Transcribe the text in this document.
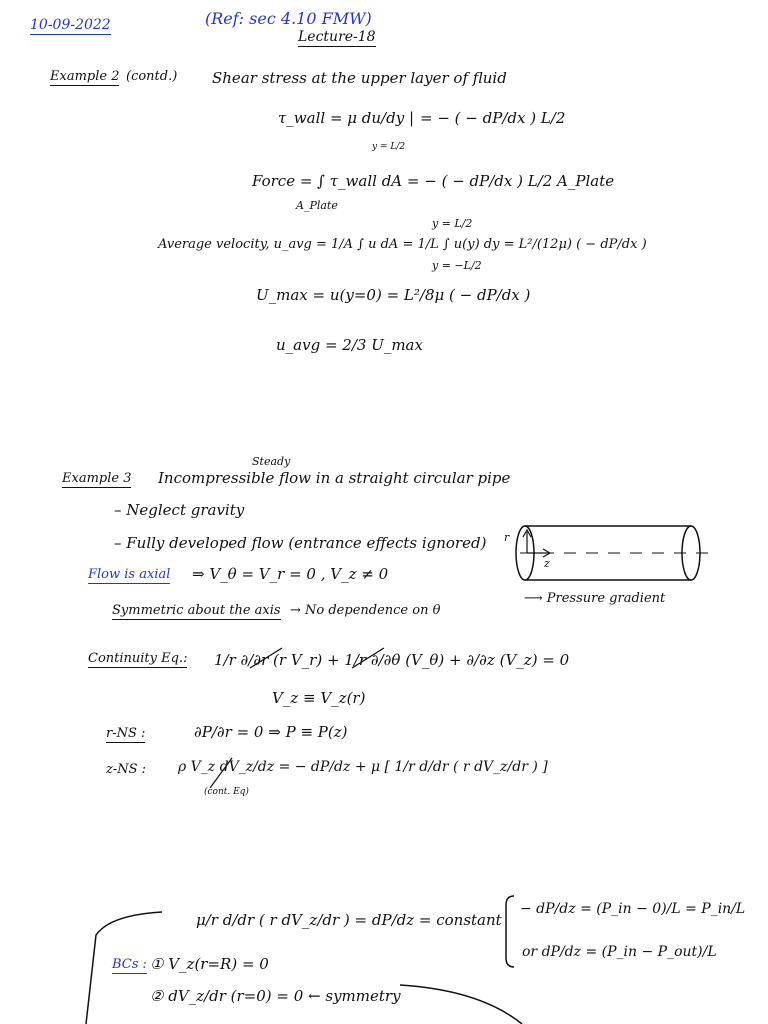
10-09-2022	(Ref: sec 4.10 FMW)
Lecture-18
Example 2 (contd.) Shear stress at the upper layer of fluid
τ_wall = μ du/dy | = − ( − dP/dx ) L/2
y = L/2
Force = ∫ τ_wall dA = − ( − dP/dx ) L/2 A_Plate
A_Plate
y = L/2
Average velocity, u_avg = 1/A ∫ u dA = 1/L ∫ u(y) dy = L²/(12μ) ( − dP/dx )
y = −L/2
U_max = u(y=0) = L²/8μ ( − dP/dx )
u_avg = 2/3 U_max
Steady
Example 3 Incompressible flow in a straight circular pipe
– Neglect gravity
– Fully developed flow (entrance effects ignored)
Flow is axial ⇒ V_θ = V_r = 0 , V_z ≠ 0
Symmetric about the axis → No dependence on θ
r
z
⟶ Pressure gradient
Continuity Eq.: 1/r ∂/∂r (r V_r) + 1/r ∂/∂θ (V_θ) + ∂/∂z (V_z) = 0
V_z ≡ V_z(r)
r-NS :	∂P/∂r = 0 ⇒ P ≡ P(z)
z-NS : ρ V_z dV_z/dz = − dP/dz + μ [ 1/r d/dr ( r dV_z/dr ) ]
(cont. Eq)
μ/r d/dr ( r dV_z/dr ) = dP/dz = constant
− dP/dz = (P_in − 0)/L = P_in/L
or dP/dz = (P_in − P_out)/L
BCs : ① V_z(r=R) = 0
② dV_z/dr (r=0) = 0 ← symmetry
